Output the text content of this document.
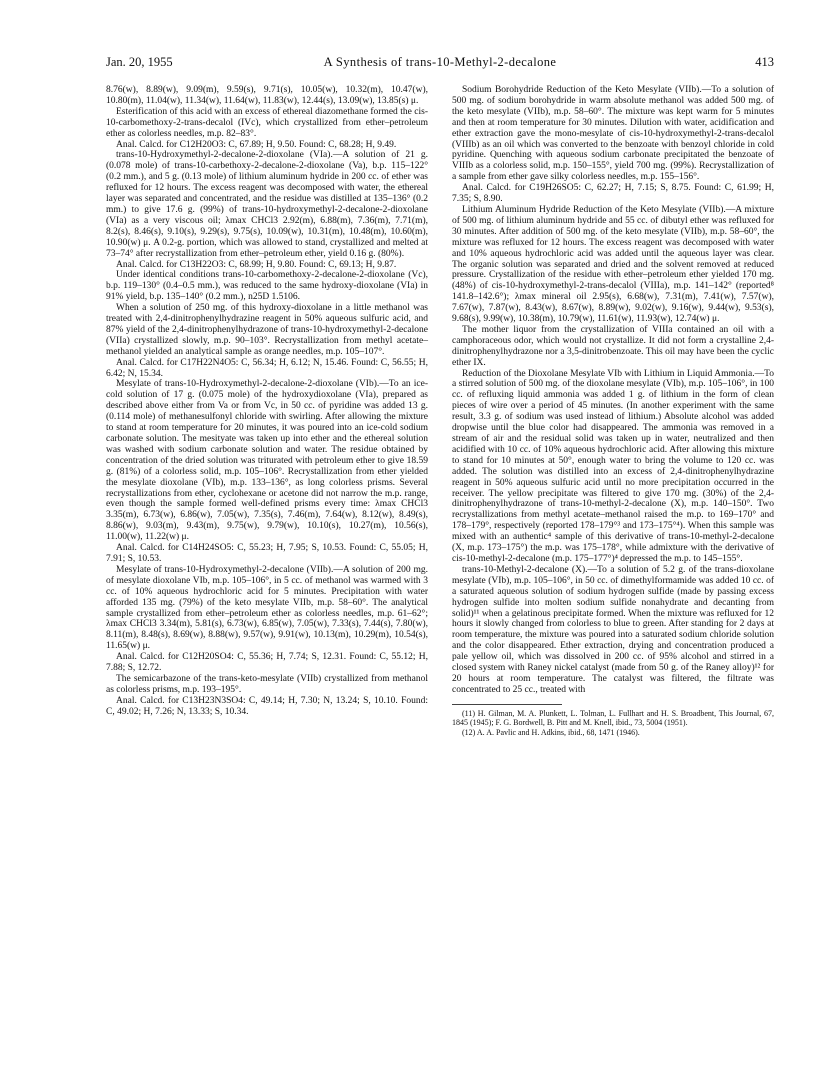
Jan. 20, 1955	A Synthesis of trans-10-Methyl-2-decalone	413

8.76(w), 8.89(w), 9.09(m), 9.59(s), 9.71(s), 10.05(w), 10.32(m), 10.47(w), 10.80(m), 11.04(w), 11.34(w), 11.64(w), 11.83(w), 12.44(s), 13.09(w), 13.85(s) μ.

Esterification of this acid with an excess of ethereal diazomethane formed the cis-10-carbomethoxy-2-trans-decalol (IVc), which crystallized from ether–petroleum ether as colorless needles, m.p. 82–83°.

Anal. Calcd. for C12H20O3: C, 67.89; H, 9.50. Found: C, 68.28; H, 9.49.

trans-10-Hydroxymethyl-2-decalone-2-dioxolane (VIa).—A solution of 21 g. (0.078 mole) of trans-10-carbethoxy-2-decalone-2-dioxolane (Va), b.p. 115–122° (0.2 mm.), and 5 g. (0.13 mole) of lithium aluminum hydride in 200 cc. of ether was refluxed for 12 hours. The excess reagent was decomposed with water, the ethereal layer was separated and concentrated, and the residue was distilled at 135–136° (0.2 mm.) to give 17.6 g. (99%) of trans-10-hydroxymethyl-2-decalone-2-dioxolane (VIa) as a very viscous oil; λmax CHCl3 2.92(m), 6.88(m), 7.36(m), 7.71(m), 8.2(s), 8.46(s), 9.10(s), 9.29(s), 9.75(s), 10.09(w), 10.31(m), 10.48(m), 10.60(m), 10.90(w) μ. A 0.2-g. portion, which was allowed to stand, crystallized and melted at 73–74° after recrystallization from ether–petroleum ether, yield 0.16 g. (80%).

Anal. Calcd. for C13H22O3: C, 68.99; H, 9.80. Found: C, 69.13; H, 9.87.

Under identical conditions trans-10-carbomethoxy-2-decalone-2-dioxolane (Vc), b.p. 119–130° (0.4–0.5 mm.), was reduced to the same hydroxy-dioxolane (VIa) in 91% yield, b.p. 135–140° (0.2 mm.), n25D 1.5106.

When a solution of 250 mg. of this hydroxy-dioxolane in a little methanol was treated with 2,4-dinitrophenylhydrazine reagent in 50% aqueous sulfuric acid, and 87% yield of the 2,4-dinitrophenylhydrazone of trans-10-hydroxymethyl-2-decalone (VIIa) crystallized slowly, m.p. 90–103°. Recrystallization from methyl acetate–methanol yielded an analytical sample as orange needles, m.p. 105–107°.

Anal. Calcd. for C17H22N4O5: C, 56.34; H, 6.12; N, 15.46. Found: C, 56.55; H, 6.42; N, 15.34.

Mesylate of trans-10-Hydroxymethyl-2-decalone-2-dioxolane (VIb).—To an ice-cold solution of 17 g. (0.075 mole) of the hydroxydioxolane (VIa), prepared as described above either from Va or from Vc, in 50 cc. of pyridine was added 13 g. (0.114 mole) of methanesulfonyl chloride with swirling. After allowing the mixture to stand at room temperature for 20 minutes, it was poured into an ice-cold sodium carbonate solution. The mesityate was taken up into ether and the ethereal solution was washed with sodium carbonate solution and water. The residue obtained by concentration of the dried solution was triturated with petroleum ether to give 18.59 g. (81%) of a colorless solid, m.p. 105–106°. Recrystallization from ether yielded the mesylate dioxolane (VIb), m.p. 133–136°, as long colorless prisms. Several recrystallizations from ether, cyclohexane or acetone did not narrow the m.p. range, even though the sample formed well-defined prisms every time: λmax CHCl3 3.35(m), 6.73(w), 6.86(w), 7.05(w), 7.35(s), 7.46(m), 7.64(w), 8.12(w), 8.49(s), 8.86(w), 9.03(m), 9.43(m), 9.75(w), 9.79(w), 10.10(s), 10.27(m), 10.56(s), 11.00(w), 11.22(w) μ.

Anal. Calcd. for C14H24SO5: C, 55.23; H, 7.95; S, 10.53. Found: C, 55.05; H, 7.91; S, 10.53.

Mesylate of trans-10-Hydroxymethyl-2-decalone (VIIb).—A solution of 200 mg. of mesylate dioxolane VIb, m.p. 105–106°, in 5 cc. of methanol was warmed with 3 cc. of 10% aqueous hydrochloric acid for 5 minutes. Precipitation with water afforded 135 mg. (79%) of the keto mesylate VIIb, m.p. 58–60°. The analytical sample crystallized from ether–petroleum ether as colorless needles, m.p. 61–62°; λmax CHCl3 3.34(m), 5.81(s), 6.73(w), 6.85(w), 7.05(w), 7.33(s), 7.44(s), 7.80(w), 8.11(m), 8.48(s), 8.69(w), 8.88(w), 9.57(w), 9.91(w), 10.13(m), 10.29(m), 10.54(s), 11.65(w) μ.

Anal. Calcd. for C12H20SO4: C, 55.36; H, 7.74; S, 12.31. Found: C, 55.12; H, 7.88; S, 12.72.

The semicarbazone of the trans-keto-mesylate (VIIb) crystallized from methanol as colorless prisms, m.p. 193–195°.

Anal. Calcd. for C13H23N3SO4: C, 49.14; H, 7.30; N, 13.24; S, 10.10. Found: C, 49.02; H, 7.26; N, 13.33; S, 10.34.

Sodium Borohydride Reduction of the Keto Mesylate (VIIb).—To a solution of 500 mg. of sodium borohydride in warm absolute methanol was added 500 mg. of the keto mesylate (VIIb), m.p. 58–60°. The mixture was kept warm for 5 minutes and then at room temperature for 30 minutes. Dilution with water, acidification and ether extraction gave the mono-mesylate of cis-10-hydroxymethyl-2-trans-decalol (VIIIb) as an oil which was converted to the benzoate with benzoyl chloride in cold pyridine. Quenching with aqueous sodium carbonate precipitated the benzoate of VIIIb as a colorless solid, m.p. 150–155°, yield 700 mg. (99%). Recrystallization of a sample from ether gave silky colorless needles, m.p. 155–156°.

Anal. Calcd. for C19H26SO5: C, 62.27; H, 7.15; S, 8.75. Found: C, 61.99; H, 7.35; S, 8.90.

Lithium Aluminum Hydride Reduction of the Keto Mesylate (VIIb).—A mixture of 500 mg. of lithium aluminum hydride and 55 cc. of dibutyl ether was refluxed for 30 minutes. After addition of 500 mg. of the keto mesylate (VIIb), m.p. 58–60°, the mixture was refluxed for 12 hours. The excess reagent was decomposed with water and 10% aqueous hydrochloric acid was added until the aqueous layer was clear. The organic solution was separated and dried and the solvent removed at reduced pressure. Crystallization of the residue with ether–petroleum ether yielded 170 mg. (48%) of cis-10-hydroxymethyl-2-trans-decalol (VIIIa), m.p. 141–142° (reported⁸ 141.8–142.6°); λmax mineral oil 2.95(s), 6.68(w), 7.31(m), 7.41(w), 7.57(w), 7.67(w), 7.87(w), 8.43(w), 8.67(w), 8.89(w), 9.02(w), 9.16(w), 9.44(w), 9.53(s), 9.68(s), 9.99(w), 10.38(m), 10.79(w), 11.61(w), 11.93(w), 12.74(w) μ.

The mother liquor from the crystallization of VIIIa contained an oil with a camphoraceous odor, which would not crystallize. It did not form a crystalline 2,4-dinitrophenylhydrazone nor a 3,5-dinitrobenzoate. This oil may have been the cyclic ether IX.

Reduction of the Dioxolane Mesylate VIb with Lithium in Liquid Ammonia.—To a stirred solution of 500 mg. of the dioxolane mesylate (VIb), m.p. 105–106°, in 100 cc. of refluxing liquid ammonia was added 1 g. of lithium in the form of clean pieces of wire over a period of 45 minutes. (In another experiment with the same result, 3.3 g. of sodium was used instead of lithium.) Absolute alcohol was added dropwise until the blue color had disappeared. The ammonia was removed in a stream of air and the residual solid was taken up in water, neutralized and then acidified with 10 cc. of 10% aqueous hydrochloric acid. After allowing this mixture to stand for 10 minutes at 50°, enough water to bring the volume to 120 cc. was added. The solution was distilled into an excess of 2,4-dinitrophenylhydrazine reagent in 50% aqueous sulfuric acid until no more precipitation occurred in the receiver. The yellow precipitate was filtered to give 170 mg. (30%) of the 2,4-dinitrophenylhydrazone of trans-10-methyl-2-decalone (X), m.p. 140–150°. Two recrystallizations from methyl acetate–methanol raised the m.p. to 169–170° and 178–179°, respectively (reported 178–179°³ and 173–175°⁴). When this sample was mixed with an authentic⁴ sample of this derivative of trans-10-methyl-2-decalone (X, m.p. 173–175°) the m.p. was 175–178°, while admixture with the derivative of cis-10-methyl-2-decalone (m.p. 175–177°)⁴ depressed the m.p. to 145–155°.

trans-10-Methyl-2-decalone (X).—To a solution of 5.2 g. of the trans-dioxolane mesylate (VIb), m.p. 105–106°, in 50 cc. of dimethylformamide was added 10 cc. of a saturated aqueous solution of sodium hydrogen sulfide (made by passing excess hydrogen sulfide into molten sodium sulfide nonahydrate and decanting from solid)¹¹ when a gelatinous precipitate formed. When the mixture was refluxed for 12 hours it slowly changed from colorless to blue to green. After standing for 2 days at room temperature, the mixture was poured into a saturated sodium chloride solution and the color disappeared. Ether extraction, drying and concentration produced a pale yellow oil, which was dissolved in 200 cc. of 95% alcohol and stirred in a closed system with Raney nickel catalyst (made from 50 g. of the Raney alloy)¹² for 20 hours at room temperature. The catalyst was filtered, the filtrate was concentrated to 25 cc., treated with

(11) H. Gilman, M. A. Plunkett, L. Tolman, L. Fullhart and H. S. Broadbent, This Journal, 67, 1845 (1945); F. G. Bordwell, B. Pitt and M. Knell, ibid., 73, 5004 (1951).

(12) A. A. Pavlic and H. Adkins, ibid., 68, 1471 (1946).
